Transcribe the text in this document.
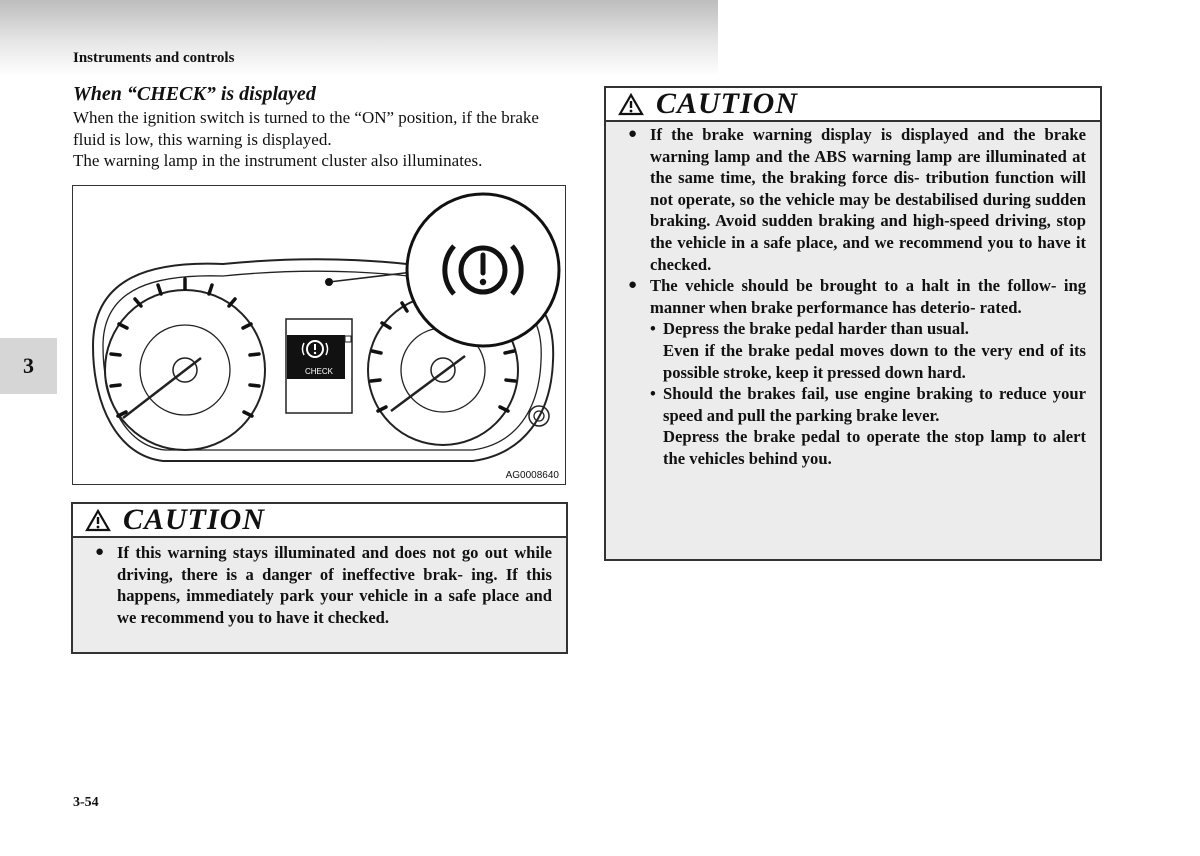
Instruments and controls
3
When “CHECK” is displayed

When the ignition switch is turned to the “ON” position, if the brake fluid is low, this warning is displayed.

The warning lamp in the instrument cluster also illuminates.

CHECK
AG0008640
CAUTION
● If this warning stays illuminated and does not go out while driving, there is a danger of ineffective brak- ing. If this happens, immediately park your vehicle in a safe place and we recommend you to have it checked.
CAUTION
● If the brake warning display is displayed and the brake warning lamp and the ABS warning lamp are illuminated at the same time, the braking force dis- tribution function will not operate, so the vehicle may be destabilised during sudden braking. Avoid sudden braking and high-speed driving, stop the vehicle in a safe place, and we recommend you to have it checked.
● The vehicle should be brought to a halt in the follow- ing manner when brake performance has deterio- rated.
• Depress the brake pedal harder than usual.
Even if the brake pedal moves down to the very end of its possible stroke, keep it pressed down hard.
• Should the brakes fail, use engine braking to reduce your speed and pull the parking brake lever.
Depress the brake pedal to operate the stop lamp to alert the vehicles behind you.
3-54
